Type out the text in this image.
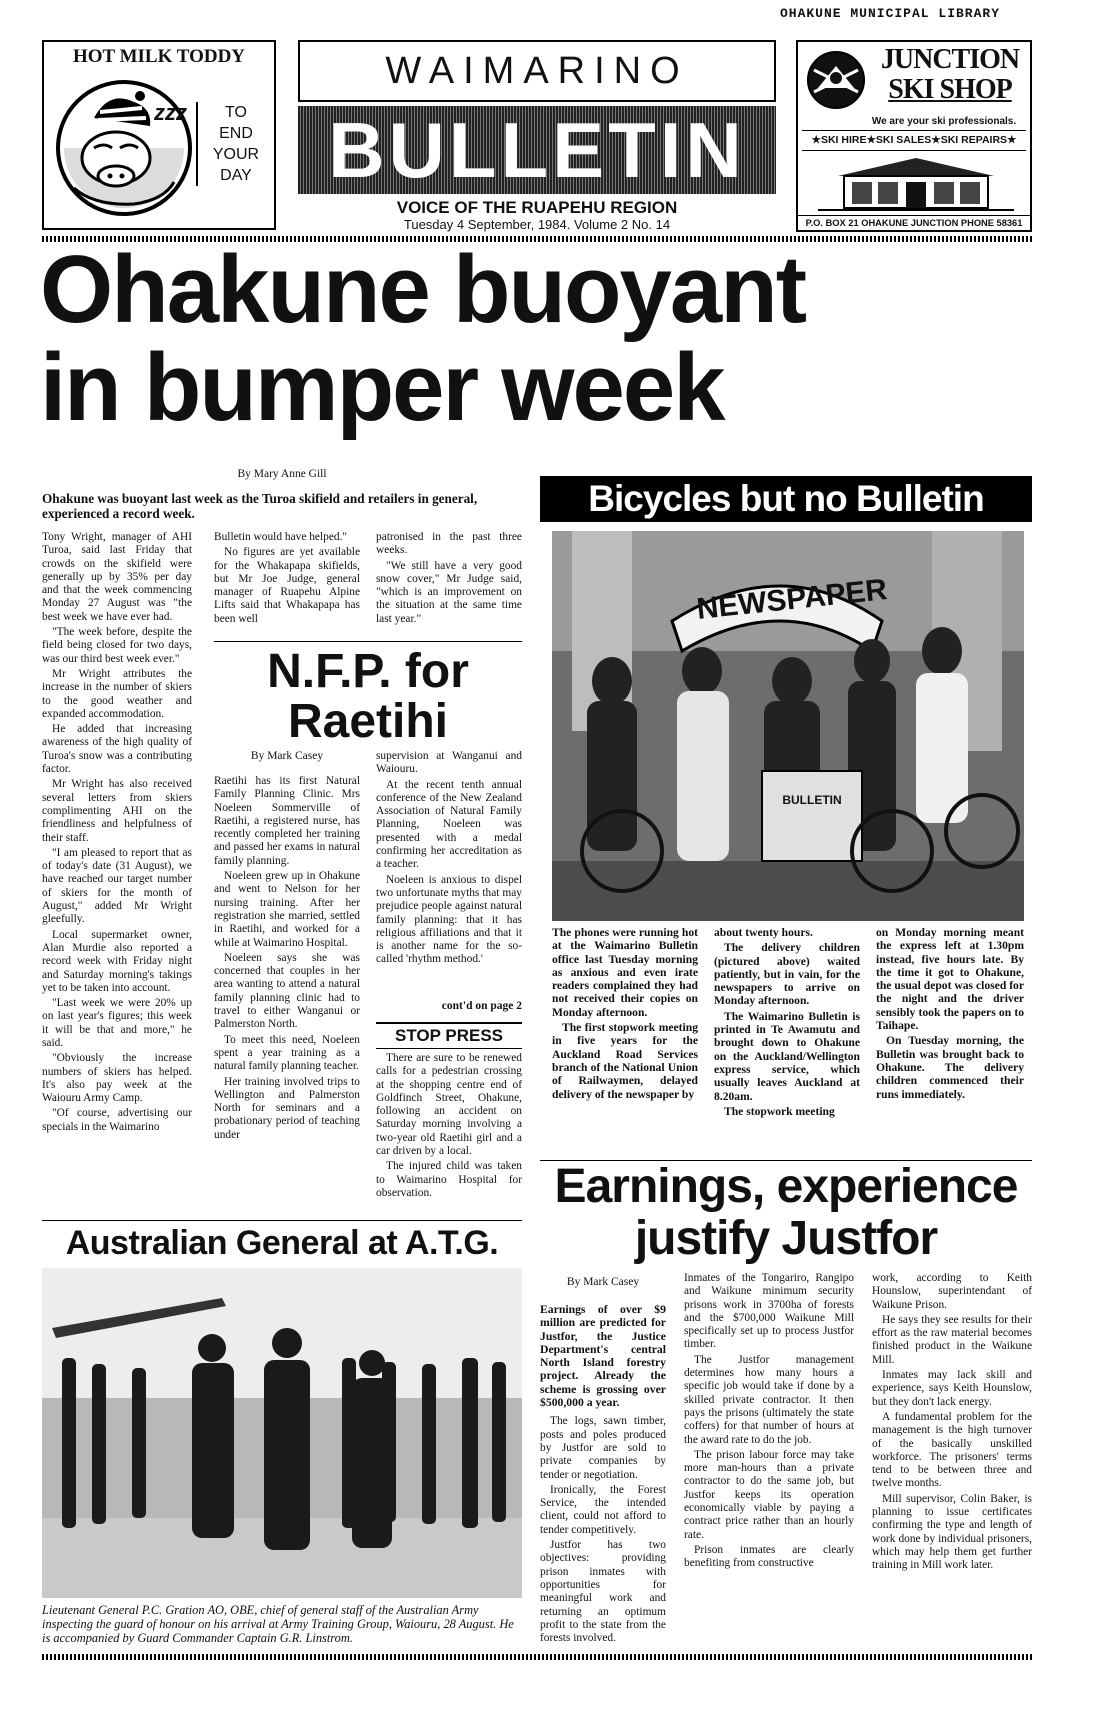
OHAKUNE MUNICIPAL LIBRARY
HOT MILK TODDY
zzz	TO
END
YOUR
DAY
WAIMARINO
BULLETIN
VOICE OF THE RUAPEHU REGION
Tuesday 4 September, 1984. Volume 2 No. 14
JUNCTION
SKI SHOP
We are your ski professionals.
★SKI HIRE★SKI SALES★SKI REPAIRS★
P.O. BOX 21 OHAKUNE JUNCTION PHONE 58361
Ohakune buoyant
in bumper week
By Mary Anne Gill
Ohakune was buoyant last week as the Turoa skifield and retailers in general, experienced a record week.

Tony Wright, manager of AHI Turoa, said last Friday that crowds on the skifield were generally up by 35% per day and that the week commencing Monday 27 August was "the best week we have ever had.

"The week before, despite the field being closed for two days, was our third best week ever."

Mr Wright attributes the increase in the number of skiers to the good weather and expanded accommodation.

He added that increasing awareness of the high quality of Turoa's snow was a contributing factor.

Mr Wright has also received several letters from skiers complimenting AHI on the friendliness and helpfulness of their staff.

"I am pleased to report that as of today's date (31 August), we have reached our target number of skiers for the month of August," added Mr Wright gleefully.

Local supermarket owner, Alan Murdie also reported a record week with Friday night and Saturday morning's takings yet to be taken into account.

"Last week we were 20% up on last year's figures; this week it will be that and more," he said.

"Obviously the increase numbers of skiers has helped. It's also pay week at the Waiouru Army Camp.

"Of course, advertising our specials in the Waimarino

Bulletin would have helped."

No figures are yet available for the Whakapapa skifields, but Mr Joe Judge, general manager of Ruapehu Alpine Lifts said that Whakapapa has been well

patronised in the past three weeks.

"We still have a very good snow cover," Mr Judge said, "which is an improvement on the situation at the same time last year."

N.F.P. for
Raetihi
By Mark Casey

Raetihi has its first Natural Family Planning Clinic. Mrs Noeleen Sommerville of Raetihi, a registered nurse, has recently completed her training and passed her exams in natural family planning.

Noeleen grew up in Ohakune and went to Nelson for her nursing training. After her registration she married, settled in Raetihi, and worked for a while at Waimarino Hospital.

Noeleen says she was concerned that couples in her area wanting to attend a natural family planning clinic had to travel to either Wanganui or Palmerston North.

To meet this need, Noeleen spent a year training as a natural family planning teacher.

Her training involved trips to Wellington and Palmerston North for seminars and a probationary period of teaching under

supervision at Wanganui and Waiouru.

At the recent tenth annual conference of the New Zealand Association of Natural Family Planning, Noeleen was presented with a medal confirming her accreditation as a teacher.

Noeleen is anxious to dispel two unfortunate myths that may prejudice people against natural family planning: that it has religious affiliations and that it is another name for the so-called 'rhythm method.'

cont'd on page 2
STOP PRESS

There are sure to be renewed calls for a pedestrian crossing at the shopping centre end of Goldfinch Street, Ohakune, following an accident on Saturday morning involving a two-year old Raetihi girl and a car driven by a local.

The injured child was taken to Waimarino Hospital for observation.

Bicycles but no Bulletin
NEWSPAPER
BULLETIN

The phones were running hot at the Waimarino Bulletin office last Tuesday morning as anxious and even irate readers complained they had not received their copies on Monday afternoon.

The first stopwork meeting in five years for the Auckland Road Services branch of the National Union of Railwaymen, delayed delivery of the newspaper by

about twenty hours.

The delivery children (pictured above) waited patiently, but in vain, for the newspapers to arrive on Monday afternoon.

The Waimarino Bulletin is printed in Te Awamutu and brought down to Ohakune on the Auckland/Wellington express service, which usually leaves Auckland at 8.20am.

The stopwork meeting

on Monday morning meant the express left at 1.30pm instead, five hours late. By the time it got to Ohakune, the usual depot was closed for the night and the driver sensibly took the papers on to Taihape.

On Tuesday morning, the Bulletin was brought back to Ohakune. The delivery children commenced their runs immediately.

Australian General at A.T.G.
Lieutenant General P.C. Gration AO, OBE, chief of general staff of the Australian Army inspecting the guard of honour on his arrival at Army Training Group, Waiouru, 28 August. He is accompanied by Guard Commander Captain G.R. Linstrom.
Earnings, experience
justify Justfor
By Mark Casey

Earnings of over $9 million are predicted for Justfor, the Justice Department's central North Island forestry project. Already the scheme is grossing over $500,000 a year.

The logs, sawn timber, posts and poles produced by Justfor are sold to private companies by tender or negotiation.

Ironically, the Forest Service, the intended client, could not afford to tender competitively.

Justfor has two objectives: providing prison inmates with opportunities for meaningful work and returning an optimum profit to the state from the forests involved.

Inmates of the Tongariro, Rangipo and Waikune minimum security prisons work in 3700ha of forests and the $700,000 Waikune Mill specifically set up to process Justfor timber.

The Justfor management determines how many hours a specific job would take if done by a skilled private contractor. It then pays the prisons (ultimately the state coffers) for that number of hours at the award rate to do the job.

The prison labour force may take more man-hours than a private contractor to do the same job, but Justfor keeps its operation economically viable by paying a contract price rather than an hourly rate.

Prison inmates are clearly benefiting from constructive

work, according to Keith Hounslow, superintendant of Waikune Prison.

He says they see results for their effort as the raw material becomes finished product in the Waikune Mill.

Inmates may lack skill and experience, says Keith Hounslow, but they don't lack energy.

A fundamental problem for the management is the high turnover of the basically unskilled workforce. The prisoners' terms tend to be between three and twelve months.

Mill supervisor, Colin Baker, is planning to issue certificates confirming the type and length of work done by individual prisoners, which may help them get further training in Mill work later.
